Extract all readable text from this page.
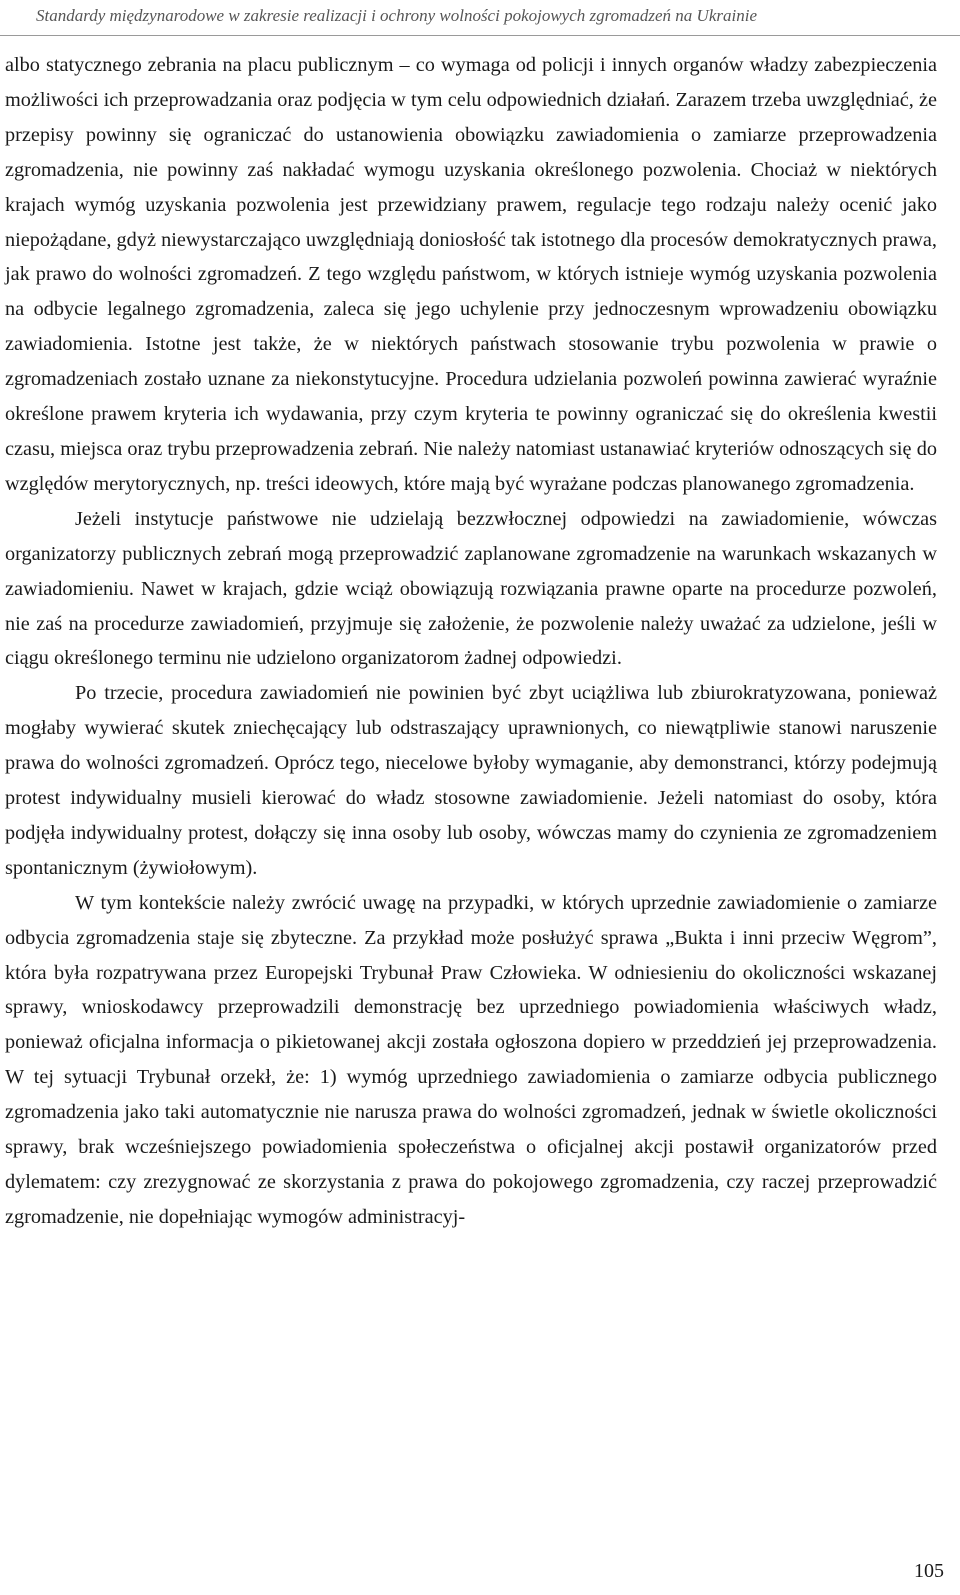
Standardy międzynarodowe w zakresie realizacji i ochrony wolności pokojowych zgromadzeń na Ukrainie

albo statycznego zebrania na placu publicznym – co wymaga od policji i innych organów władzy zabezpieczenia możliwości ich przeprowadzania oraz podjęcia w tym celu odpowiednich działań. Zarazem trzeba uwzględniać, że przepisy powinny się ograniczać do ustanowienia obowiązku zawiadomienia o zamiarze przeprowadzenia zgromadzenia, nie powinny zaś nakładać wymogu uzyskania określonego pozwolenia. Chociaż w niektórych krajach wymóg uzyskania pozwolenia jest przewidziany prawem, regulacje tego rodzaju należy ocenić jako niepożądane, gdyż niewystarczająco uwzględniają doniosłość tak istotnego dla procesów demokratycznych prawa, jak prawo do wolności zgromadzeń. Z tego względu państwom, w których istnieje wymóg uzyskania pozwolenia na odbycie legalnego zgromadzenia, zaleca się jego uchylenie przy jednoczesnym wprowadzeniu obowiązku zawiadomienia. Istotne jest także, że w niektórych państwach stosowanie trybu pozwolenia w prawie o zgromadzeniach zostało uznane za niekonstytucyjne. Procedura udzielania pozwoleń powinna zawierać wyraźnie określone prawem kryteria ich wydawania, przy czym kryteria te powinny ograniczać się do określenia kwestii czasu, miejsca oraz trybu przeprowadzenia zebrań. Nie należy natomiast ustanawiać kryteriów odnoszących się do względów merytorycznych, np. treści ideowych, które mają być wyrażane podczas planowanego zgromadzenia.

Jeżeli instytucje państwowe nie udzielają bezzwłocznej odpowiedzi na zawiadomienie, wówczas organizatorzy publicznych zebrań mogą przeprowadzić zaplanowane zgromadzenie na warunkach wskazanych w zawiadomieniu. Nawet w krajach, gdzie wciąż obowiązują rozwiązania prawne oparte na procedurze pozwoleń, nie zaś na procedurze zawiadomień, przyjmuje się założenie, że pozwolenie należy uważać za udzielone, jeśli w ciągu określonego terminu nie udzielono organizatorom żadnej odpowiedzi.

Po trzecie, procedura zawiadomień nie powinien być zbyt uciążliwa lub zbiurokratyzowana, ponieważ mogłaby wywierać skutek zniechęcający lub odstraszający uprawnionych, co niewątpliwie stanowi naruszenie prawa do wolności zgromadzeń. Oprócz tego, niecelowe byłoby wymaganie, aby demonstranci, którzy podejmują protest indywidualny musieli kierować do władz stosowne zawiadomienie. Jeżeli natomiast do osoby, która podjęła indywidualny protest, dołączy się inna osoby lub osoby, wówczas mamy do czynienia ze zgromadzeniem spontanicznym (żywiołowym).

W tym kontekście należy zwrócić uwagę na przypadki, w których uprzednie zawiadomienie o zamiarze odbycia zgromadzenia staje się zbyteczne. Za przykład może posłużyć sprawa „Bukta i inni przeciw Węgrom”, która była rozpatrywana przez Europejski Trybunał Praw Człowieka. W odniesieniu do okoliczności wskazanej sprawy, wnioskodawcy przeprowadzili demonstrację bez uprzedniego powiadomienia właściwych władz, ponieważ oficjalna informacja o pikietowanej akcji została ogłoszona dopiero w przeddzień jej przeprowadzenia. W tej sytuacji Trybunał orzekł, że: 1) wymóg uprzedniego zawiadomienia o zamiarze odbycia publicznego zgromadzenia jako taki automatycznie nie narusza prawa do wolności zgromadzeń, jednak w świetle okoliczności sprawy, brak wcześniejszego powiadomienia społeczeństwa o oficjalnej akcji postawił organizatorów przed dylematem: czy zrezygnować ze skorzystania z prawa do pokojowego zgromadzenia, czy raczej przeprowadzić zgromadzenie, nie dopełniając wymogów administracyj-

105
